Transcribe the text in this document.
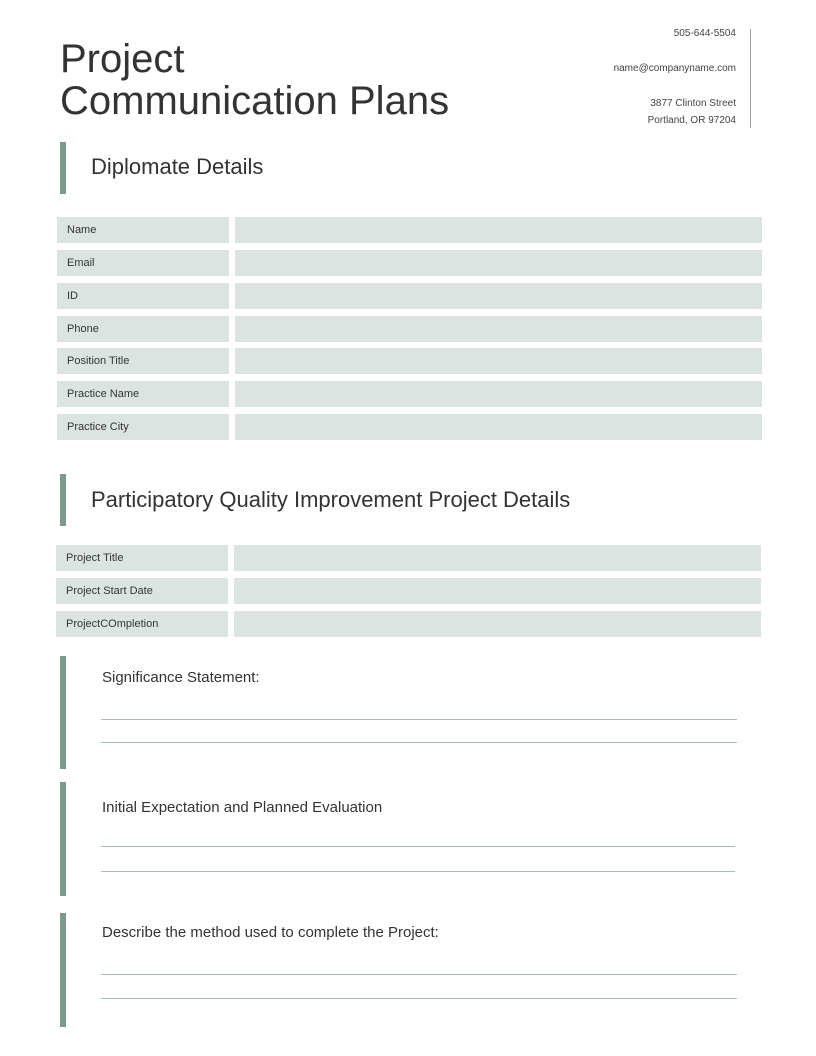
Project
Communication Plans
505-644-5504
name@companyname.com
3877 Clinton Street
Portland, OR 97204
Diplomate Details
Name
Email
ID
Phone
Position Title
Practice Name
Practice City
Participatory Quality Improvement Project Details
Project Title
Project Start Date
ProjectCOmpletion
Significance Statement:
Initial Expectation and Planned Evaluation
Describe the method used to complete the Project:
